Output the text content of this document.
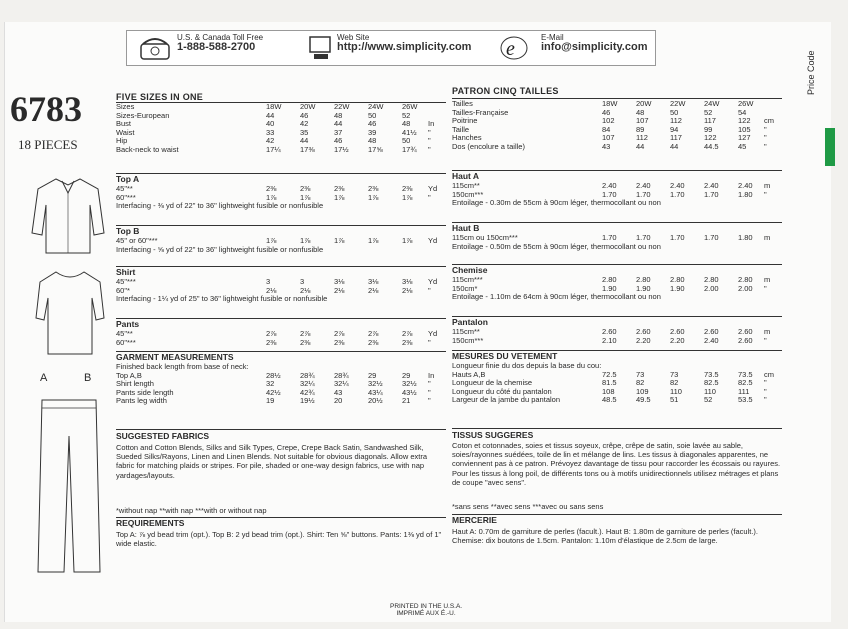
U.S. & Canada Toll Free
1-888-588-2700
Web Site
http://www.simplicity.com e
E-Mail
info@simplicity.com
6783
18 PIECES
A	B
FIVE SIZES IN ONE
Sizes	18W 20W 22W 24W 26W
Sizes-European	44	46	48	50	52
Bust	40	42	44	46	48 In
Waist	33	35	37	39	41½ "
Hip	42	44	46	48	50 "
Back-neck to waist	17¼	17⅜	17½	17⅝	17¾ "
Top A
45"**	2⅜	2⅜	2⅜	2⅜	2⅜ Yd
60"***	1⅞	1⅞	1⅞	1⅞	1⅞ "
Interfacing - ⅜ yd of 22" to 36" lightweight fusible or nonfusible
Top B
45" or 60"***	1⅞	1⅞	1⅞	1⅞	1⅞ Yd
Interfacing - ⅝ yd of 22" to 36" lightweight fusible or nonfusible
Shirt
45"***	3	3	3⅛	3⅛	3⅛ Yd
60"*	2⅛	2⅛	2⅛	2⅛	2⅛ "
Interfacing - 1¼ yd of 25" to 36" lightweight fusible or nonfusible
Pants
45"**	2⅞	2⅞	2⅞	2⅞	2⅞ Yd
60"***	2⅜	2⅜	2⅜	2⅜	2⅜ "
GARMENT MEASUREMENTS
Finished back length from base of neck:
Top A,B	28½	28¾	28¾	29	29 In
Shirt length	32	32¼	32¼	32½	32½ "
Pants side length	42½	42¾	43	43¼	43½ "
Pants leg width	19	19½	20	20½	21 "
SUGGESTED FABRICS
Cotton and Cotton Blends, Silks and Silk Types, Crepe, Crepe Back Satin, Sandwashed Silk, Sueded Silks/Rayons, Linen and Linen Blends. Not suitable for obvious diagonals. Allow extra fabric for matching plaids or stripes. For pile, shaded or one-way design fabrics, use with nap yardages/layouts.
*without nap **with nap ***with or without nap
REQUIREMENTS
Top A: ⅞ yd bead trim (opt.). Top B: 2 yd bead trim (opt.). Shirt: Ten ⅝" buttons. Pants: 1⅜ yd of 1" wide elastic.
PATRON CINQ TAILLES
Tailles	18W 20W 22W 24W 26W
Tailles-Française	46	48	50	52	54
Poitrine	102	107	112	117	122 cm
Taille	84	89	94	99	105 "
Hanches	107	112	117	122	127 "
Dos (encolure a taille)	43	44	44	44.5	45 "
Haut A
115cm**	2.40	2.40	2.40	2.40	2.40 m
150cm***	1.70	1.70	1.70	1.70	1.80 "
Entoilage - 0.30m de 55cm à 90cm léger, thermocollant ou non
Haut B
115cm ou 150cm***	1.70	1.70	1.70	1.70	1.80 m
Entoilage - 0.50m de 55cm à 90cm léger, thermocollant ou non
Chemise
115cm***	2.80	2.80	2.80	2.80	2.80 m
150cm*	1.90	1.90	1.90	2.00	2.00 "
Entoilage - 1.10m de 64cm à 90cm léger, thermocollant ou non
Pantalon
115cm**	2.60	2.60	2.60	2.60	2.60 m
150cm***	2.10	2.20	2.20	2.40	2.60 "
MESURES DU VETEMENT
Longueur finie du dos depuis la base du cou:
Hauts A,B	72.5	73	73	73.5	73.5 cm
Longueur de la chemise	81.5	82	82	82.5	82.5 "
Longueur du côté du pantalon	108	109	110	110	111 "
Largeur de la jambe du pantalon	48.5	49.5	51	52	53.5 "
TISSUS SUGGERES
Coton et cotonnades, soies et tissus soyeux, crêpe, crêpe de satin, soie lavée au sable, soies/rayonnes suédées, toile de lin et mélange de lins. Les tissus à diagonales apparentes, ne conviennent pas à ce patron. Prévoyez davantage de tissu pour raccorder les écossais ou rayures. Pour les tissus à long poil, de différents tons ou à motifs unidirectionnels utilisez métrages et plans de coupe "avec sens".
*sans sens **avec sens ***avec ou sans sens
MERCERIE
Haut A: 0.70m de garniture de perles (facult.). Haut B: 1.80m de garniture de perles (facult.). Chemise: dix boutons de 1.5cm. Pantalon: 1.10m d'élastique de 2.5cm de large.
Price Code
PRINTED IN THE U.S.A.
IMPRIMÉ AUX É.-U.
